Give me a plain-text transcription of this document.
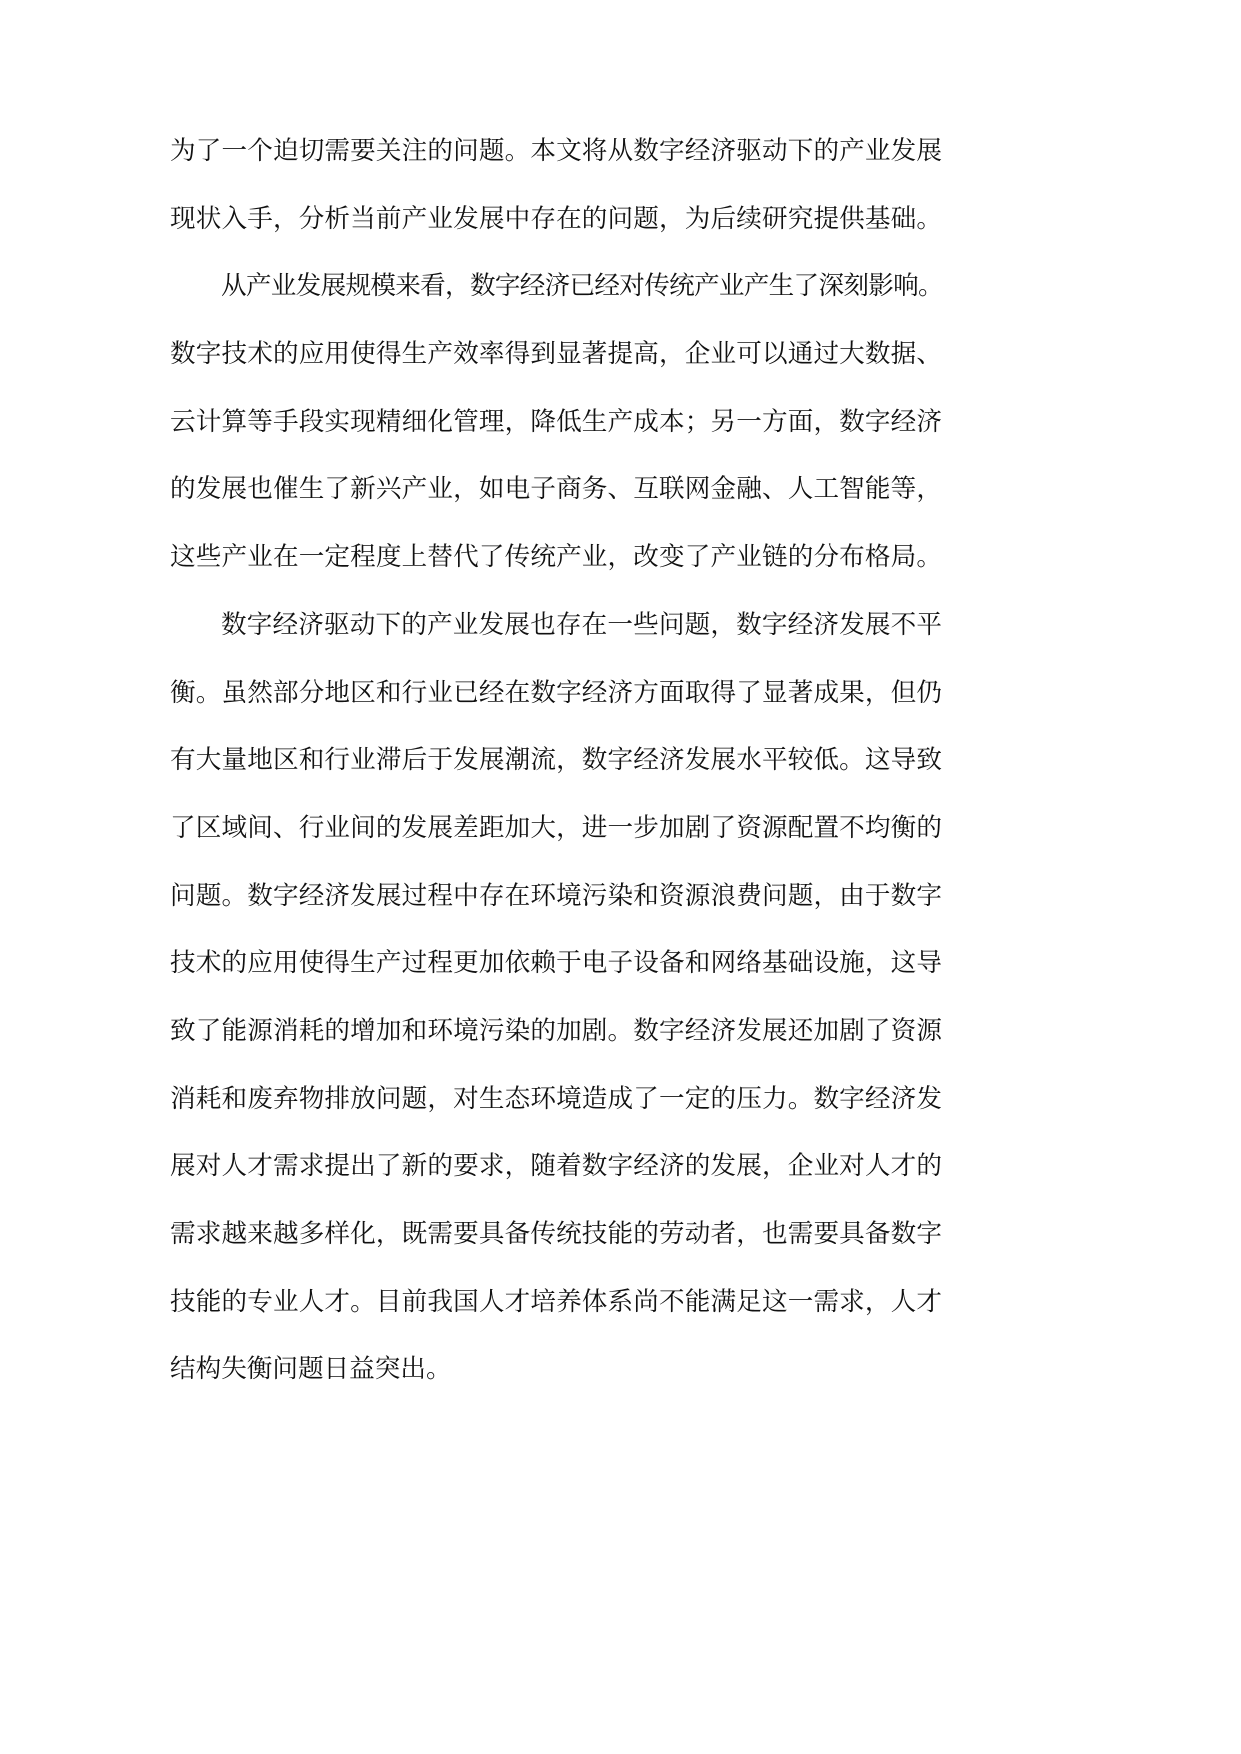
为了一个迫切需要关注的问题。本文将从数字经济驱动下的产业发展
现状入手，分析当前产业发展中存在的问题，为后续研究提供基础。
从产业发展规模来看，数字经济已经对传统产业产生了深刻影响。
数字技术的应用使得生产效率得到显著提高，企业可以通过大数据、
云计算等手段实现精细化管理，降低生产成本；另一方面，数字经济
的发展也催生了新兴产业，如电子商务、互联网金融、人工智能等，
这些产业在一定程度上替代了传统产业，改变了产业链的分布格局。
数字经济驱动下的产业发展也存在一些问题，数字经济发展不平
衡。虽然部分地区和行业已经在数字经济方面取得了显著成果，但仍
有大量地区和行业滞后于发展潮流，数字经济发展水平较低。这导致
了区域间、行业间的发展差距加大，进一步加剧了资源配置不均衡的
问题。数字经济发展过程中存在环境污染和资源浪费问题，由于数字
技术的应用使得生产过程更加依赖于电子设备和网络基础设施，这导
致了能源消耗的增加和环境污染的加剧。数字经济发展还加剧了资源
消耗和废弃物排放问题，对生态环境造成了一定的压力。数字经济发
展对人才需求提出了新的要求，随着数字经济的发展，企业对人才的
需求越来越多样化，既需要具备传统技能的劳动者，也需要具备数字
技能的专业人才。目前我国人才培养体系尚不能满足这一需求，人才
结构失衡问题日益突出。
